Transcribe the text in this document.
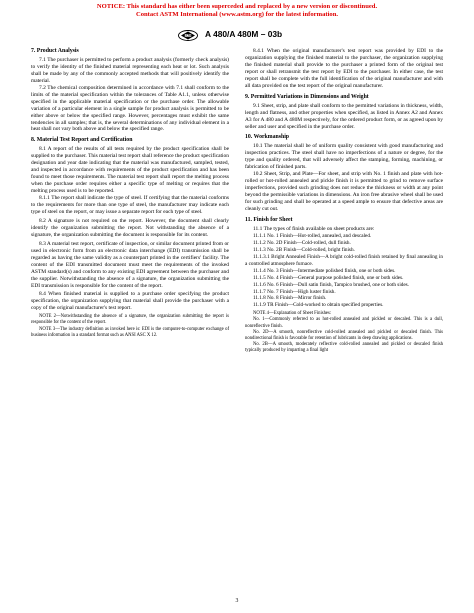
NOTICE: This standard has either been superceded and replaced by a new version or discontinued.
Contact ASTM International (www.astm.org) for the latest information.
A 480/A 480M – 03b
7. Product Analysis

7.1 The purchaser is permitted to perform a product analysis (formerly check analysis) to verify the identity of the finished material representing each heat or lot. Such analysis shall be made by any of the commonly accepted methods that will positively identify the material.

7.2 The chemical composition determined in accordance with 7.1 shall conform to the limits of the material specification within the tolerances of Table A1.1, unless otherwise specified in the applicable material specification or the purchase order. The allowable variation of a particular element in a single sample for product analysis is permitted to be either above or below the specified range. However, percentages must exhibit the same tendencies in all samples; that is, the several determinations of any individual element in a heat shall not vary both above and below the specified range.

8. Material Test Report and Certification

8.1 A report of the results of all tests required by the product specification shall be supplied to the purchaser. This material test report shall reference the product specification designation and year date indicating that the material was manufactured, sampled, tested, and inspected in accordance with requirements of the product specification and has been found to meet those requirements. The material test report shall report the melting process when the purchase order requires either a specific type of melting or requires that the melting process used is to be reported.

8.1.1 The report shall indicate the type of steel. If certifying that the material conforms to the requirements for more than one type of steel, the manufacturer may indicate each type of steel on the report, or may issue a separate report for each type of steel.

8.2 A signature is not required on the report. However, the document shall clearly identify the organization submitting the report. Not withstanding the absence of a signature, the organization submitting the document is responsible for its content.

8.3 A material test report, certificate of inspection, or similar document printed from or used in electronic form from an electronic data interchange (EDI) transmission shall be regarded as having the same validity as a counterpart printed in the certifiers' facility. The content of the EDI transmitted document must meet the requirements of the invoked ASTM standard(s) and conform to any existing EDI agreement between the purchaser and the supplier. Notwithstanding the absence of a signature, the organization submitting the EDI transmission is responsible for the content of the report.

8.4 When finished material is supplied to a purchase order specifying the product specification, the organization supplying that material shall provide the purchaser with a copy of the original manufacturer's test report.

NOTE 2—Notwithstanding the absence of a signature, the organization submitting the report is responsible for the content of the report.

NOTE 3—The industry definition as invoked here is: EDI is the computer-to-computer exchange of business information in a standard format such as ANSI ASC X 12.

8.4.1 When the original manufacturer's test report was provided by EDI to the organization supplying the finished material to the purchaser, the organization supplying the finished material shall provide to the purchaser a printed form of the original test report or shall retransmit the test report by EDI to the purchaser. In either case, the test report shall be complete with the full identification of the original manufacturer and with all data provided on the test report of the original manufacturer.

9. Permitted Variations in Dimensions and Weight

9.1 Sheet, strip, and plate shall conform to the permitted variations in thickness, width, length and flatness, and other properties when specified, as listed in Annex A2 and Annex A3 for A 480 and A 480M respectively, for the ordered product form, or as agreed upon by seller and user and specified in the purchase order.

10. Workmanship

10.1 The material shall be of uniform quality consistent with good manufacturing and inspection practices. The steel shall have no imperfections of a nature or degree, for the type and quality ordered, that will adversely affect the stamping, forming, machining, or fabrication of finished parts.

10.2 Sheet, Strip, and Plate—For sheet, and strip with No. 1 finish and plate with hot-rolled or hot-rolled annealed and pickle finish it is permitted to grind to remove surface imperfections, provided such grinding does not reduce the thickness or width at any point beyond the permissible variations in dimensions. An iron free abrasive wheel shall be used for such grinding and shall be operated at a speed ample to ensure that defective areas are cleanly cut out.

11. Finish for Sheet

11.1 The types of finish available on sheet products are:

11.1.1 No. 1 Finish—Hot-rolled, annealed, and descaled.

11.1.2 No. 2D Finish—Cold-rolled, dull finish.

11.1.3 No. 2B Finish—Cold-rolled, bright finish.

11.1.3.1 Bright Annealed Finish—A bright cold-rolled finish retained by final annealing in a controlled atmosphere furnace.

11.1.4 No. 3 Finish—Intermediate polished finish, one or both sides.

11.1.5 No. 4 Finish—General purpose polished finish, one or both sides.

11.1.6 No. 6 Finish—Dull satin finish, Tampico brushed, one or both sides.

11.1.7 No. 7 Finish—High luster finish.

11.1.8 No. 8 Finish—Mirror finish.

11.1.9 TR Finish—Cold-worked to obtain specified properties.

NOTE 4—Explanation of Sheet Finishes:

No. 1—Commonly referred to as hot-rolled annealed and pickled or descaled. This is a dull, nonreflective finish.

No. 2D—A smooth, nonreflective cold-rolled annealed and pickled or descaled finish. This nondirectional finish is favorable for retention of lubricants in deep drawing applications.

No. 2B—A smooth, moderately reflective cold-rolled annealed and pickled or descaled finish typically produced by imparting a final light

3
